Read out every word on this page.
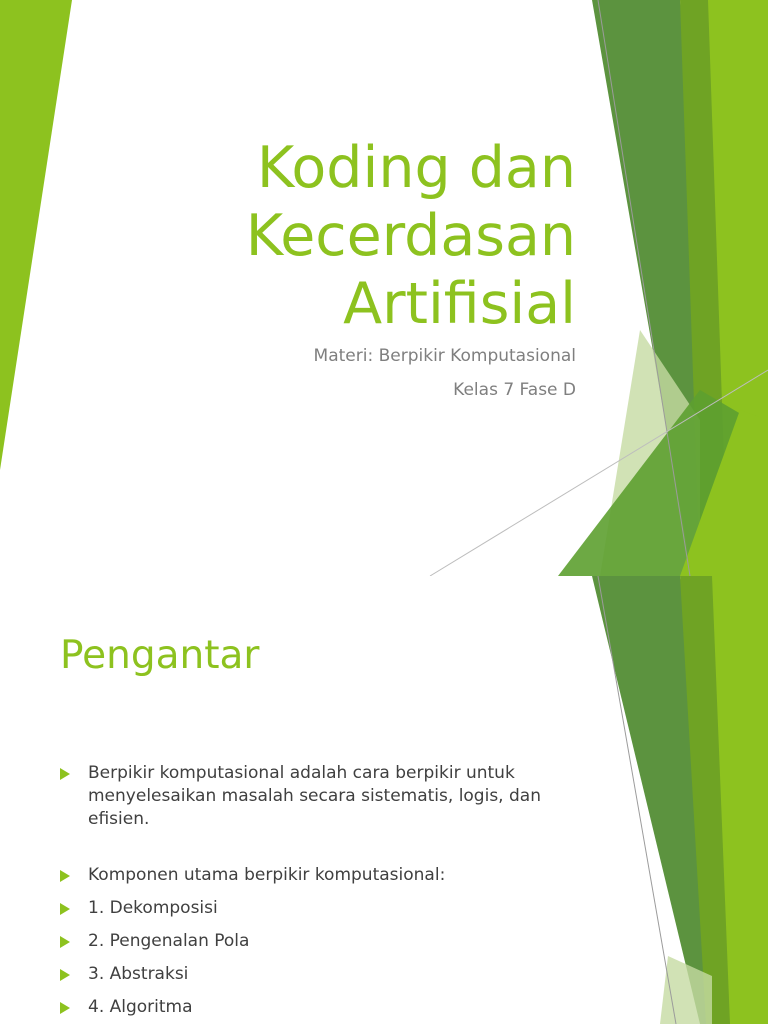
Koding dan
Kecerdasan
Artifisial
Materi: Berpikir Komputasional
Kelas 7 Fase D
Pengantar
Berpikir komputasional adalah cara berpikir untuk menyelesaikan masalah secara sistematis, logis, dan efisien.
Komponen utama berpikir komputasional:
1. Dekomposisi
2. Pengenalan Pola
3. Abstraksi
4. Algoritma
